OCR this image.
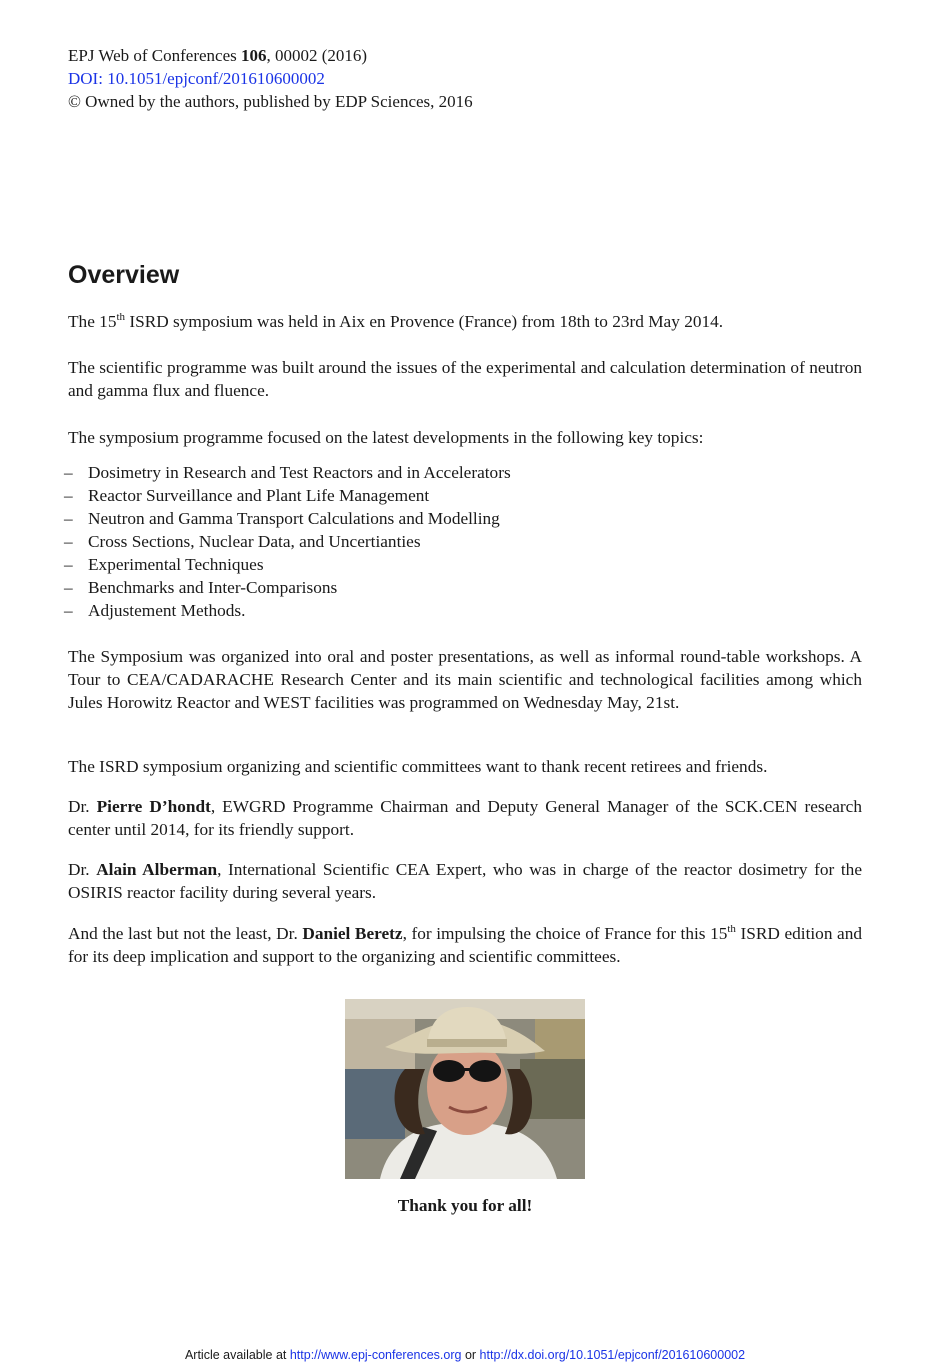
EPJ Web of Conferences 106, 00002 (2016)
DOI: 10.1051/epjconf/201610600002
© Owned by the authors, published by EDP Sciences, 2016
Overview

The 15th ISRD symposium was held in Aix en Provence (France) from 18th to 23rd May 2014.

The scientific programme was built around the issues of the experimental and calculation determination of neutron and gamma flux and fluence.

The symposium programme focused on the latest developments in the following key topics:

– Dosimetry in Research and Test Reactors and in Accelerators
– Reactor Surveillance and Plant Life Management
– Neutron and Gamma Transport Calculations and Modelling
– Cross Sections, Nuclear Data, and Uncertianties
– Experimental Techniques
– Benchmarks and Inter-Comparisons
– Adjustement Methods.

The Symposium was organized into oral and poster presentations, as well as informal round-table workshops. A Tour to CEA/CADARACHE Research Center and its main scientific and technological facilities among which Jules Horowitz Reactor and WEST facilities was programmed on Wednesday May, 21st.

The ISRD symposium organizing and scientific committees want to thank recent retirees and friends.

Dr. Pierre D’hondt, EWGRD Programme Chairman and Deputy General Manager of the SCK.CEN research center until 2014, for its friendly support.

Dr. Alain Alberman, International Scientific CEA Expert, who was in charge of the reactor dosimetry for the OSIRIS reactor facility during several years.

And the last but not the least, Dr. Daniel Beretz, for impulsing the choice of France for this 15th ISRD edition and for its deep implication and support to the organizing and scientific committees.

Thank you for all!
Article available at http://www.epj-conferences.org or http://dx.doi.org/10.1051/epjconf/201610600002
